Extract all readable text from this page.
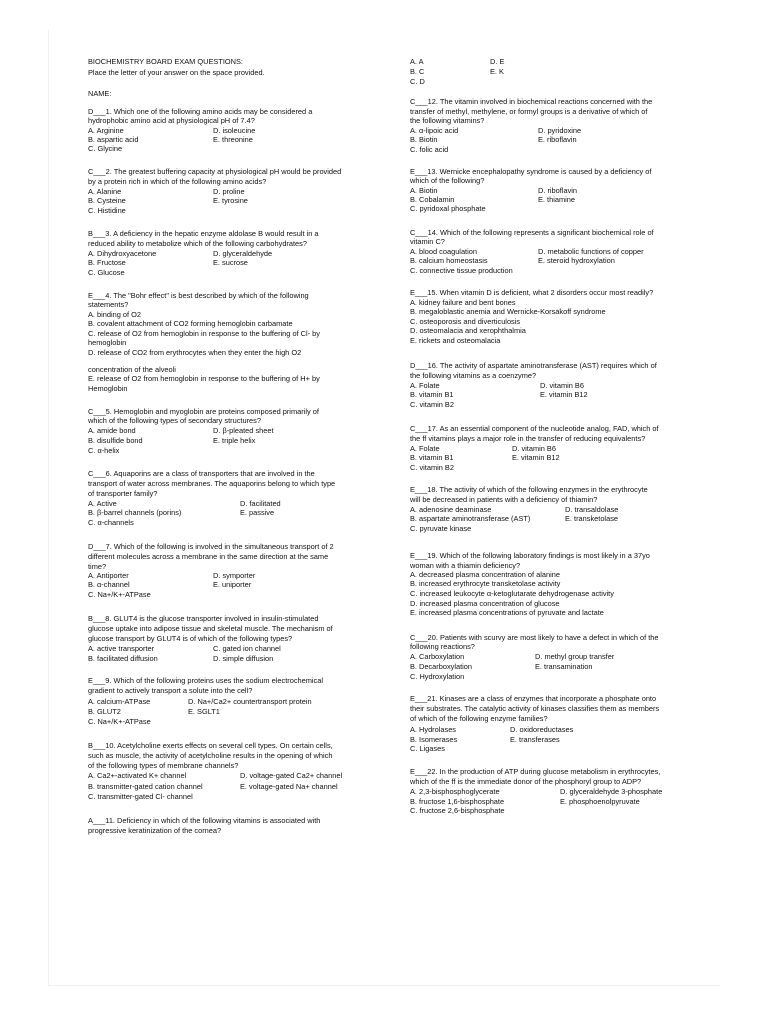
BIOCHEMISTRY BOARD EXAM QUESTIONS:
Place the letter of your answer on the space provided.
NAME:
D___1. Which one of the following amino acids may be considered a
hydrophobic amino acid at physiological pH of 7.4?
A. Arginine	D. isoleucine
B. aspartic acid	E. threonine
C. Glycine
C___2. The greatest buffering capacity at physiological pH would be provided
by a protein rich in which of the following amino acids?
A. Alanine	D. proline
B. Cysteine	E. tyrosine
C. Histidine
B___3. A deficiency in the hepatic enzyme aldolase B would result in a
reduced ability to metabolize which of the following carbohydrates?
A. Dihydroxyacetone	D. glyceraldehyde
B. Fructose	E. sucrose
C. Glucose
E___4. The "Bohr effect" is best described by which of the following
statements?
A. binding of O2
B. covalent attachment of CO2 forming hemoglobin carbamate
C. release of O2 from hemoglobin in response to the buffering of Cl- by
hemoglobin
D. release of CO2 from erythrocytes when they enter the high O2
concentration of the alveoli
E. release of O2 from hemoglobin in response to the buffering of H+ by
Hemoglobin
C___5. Hemoglobin and myoglobin are proteins composed primarily of
which of the following types of secondary structures?
A. amide bond	D. β-pleated sheet
B. disulfide bond	E. triple helix
C. α-helix
C___6. Aquaporins are a class of transporters that are involved in the
transport of water across membranes. The aquaporins belong to which type
of transporter family?
A. Active	D. facilitated
B. β-barrel channels (porins)	E. passive
C. α-channels
D___7. Which of the following is involved in the simultaneous transport of 2
different molecules across a membrane in the same direction at the same
time?
A. Antiporter	D. symporter
B. α-channel	E. uniporter
C. Na+/K+-ATPase
B___8. GLUT4 is the glucose transporter involved in insulin-stimulated
glucose uptake into adipose tissue and skeletal muscle. The mechanism of
glucose transport by GLUT4 is of which of the following types?
A. active transporter	C. gated ion channel
B. facilitated diffusion	D. simple diffusion
E___9. Which of the following proteins uses the sodium electrochemical
gradient to actively transport a solute into the cell?
A. calcium-ATPase	D. Na+/Ca2+ countertransport protein
B. GLUT2	E. SGLT1
C. Na+/K+-ATPase
B___10. Acetylcholine exerts effects on several cell types. On certain cells,
such as muscle, the activity of acetylcholine results in the opening of which
of the following types of membrane channels?
A. Ca2+-activated K+ channel	D. voltage-gated Ca2+ channel
B. transmitter-gated cation channel	E. voltage-gated Na+ channel
C. transmitter-gated Cl- channel
A___11. Deficiency in which of the following vitamins is associated with
progressive keratinization of the cornea?
A. A	D. E
B. C	E. K
C. D
C___12. The vitamin involved in biochemical reactions concerned with the
transfer of methyl, methylene, or formyl groups is a derivative of which of
the following vitamins?
A. α-lipoic acid	D. pyridoxine
B. Biotin	E. riboflavin
C. folic acid
E___13. Wernicke encephalopathy syndrome is caused by a deficiency of
which of the following?
A. Biotin	D. riboflavin
B. Cobalamin	E. thiamine
C. pyridoxal phosphate
C___14. Which of the following represents a significant biochemical role of
vitamin C?
A. blood coagulation	D. metabolic functions of copper
B. calcium homeostasis	E. steroid hydroxylation
C. connective tissue production
E___15. When vitamin D is deficient, what 2 disorders occur most readily?
A. kidney failure and bent bones
B. megaloblastic anemia and Wernicke-Korsakoff syndrome
C. osteoporosis and diverticulosis
D. osteomalacia and xerophthalmia
E. rickets and osteomalacia
D___16. The activity of aspartate aminotransferase (AST) requires which of
the following vitamins as a coenzyme?
A. Folate	D. vitamin B6
B. vitamin B1	E. vitamin B12
C. vitamin B2
C___17. As an essential component of the nucleotide analog, FAD, which of
the ff vitamins plays a major role in the transfer of reducing equivalents?
A. Folate	D. vitamin B6
B. vitamin B1	E. vitamin B12
C. vitamin B2
E___18. The activity of which of the following enzymes in the erythrocyte
will be decreased in patients with a deficiency of thiamin?
A. adenosine deaminase	D. transaldolase
B. aspartate aminotransferase (AST)	E. transketolase
C. pyruvate kinase
E___19. Which of the following laboratory findings is most likely in a 37yo
woman with a thiamin deficiency?
A. decreased plasma concentration of alanine
B. increased erythrocyte transketolase activity
C. increased leukocyte α-ketoglutarate dehydrogenase activity
D. increased plasma concentration of glucose
E. increased plasma concentrations of pyruvate and lactate
C___20. Patients with scurvy are most likely to have a defect in which of the
following reactions?
A. Carboxylation	D. methyl group transfer
B. Decarboxylation	E. transamination
C. Hydroxylation
E___21. Kinases are a class of enzymes that incorporate a phosphate onto
their substrates. The catalytic activity of kinases classifies them as members
of which of the following enzyme families?
A. Hydrolases	D. oxidoreductases
B. Isomerases	E. transferases
C. Ligases
E___22. In the production of ATP during glucose metabolism in erythrocytes,
which of the ff is the immediate donor of the phosphoryl group to ADP?
A. 2,3-bisphosphoglycerate	D. glyceraldehyde 3-phosphate
B. fructose 1,6-bisphosphate	E. phosphoenolpyruvate
C. fructose 2,6-bisphosphate
